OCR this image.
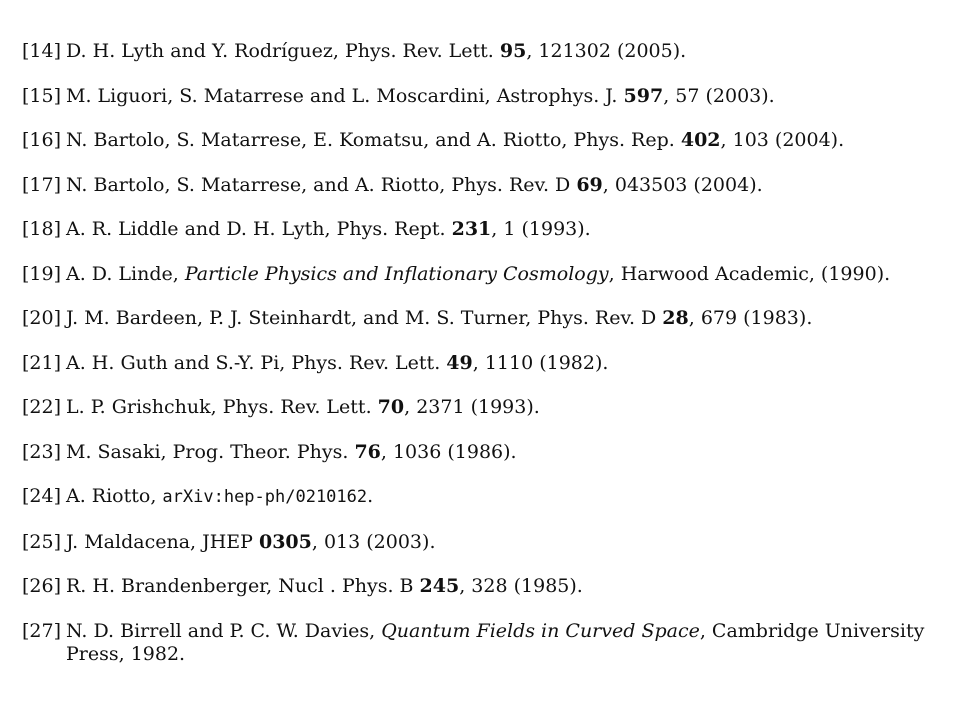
[14] D. H. Lyth and Y. Rodríguez, Phys. Rev. Lett. 95, 121302 (2005).
[15] M. Liguori, S. Matarrese and L. Moscardini, Astrophys. J. 597, 57 (2003).
[16] N. Bartolo, S. Matarrese, E. Komatsu, and A. Riotto, Phys. Rep. 402, 103 (2004).
[17] N. Bartolo, S. Matarrese, and A. Riotto, Phys. Rev. D 69, 043503 (2004).
[18] A. R. Liddle and D. H. Lyth, Phys. Rept. 231, 1 (1993).
[19] A. D. Linde, Particle Physics and Inflationary Cosmology, Harwood Academic, (1990).
[20] J. M. Bardeen, P. J. Steinhardt, and M. S. Turner, Phys. Rev. D 28, 679 (1983).
[21] A. H. Guth and S.-Y. Pi, Phys. Rev. Lett. 49, 1110 (1982).
[22] L. P. Grishchuk, Phys. Rev. Lett. 70, 2371 (1993).
[23] M. Sasaki, Prog. Theor. Phys. 76, 1036 (1986).
[24] A. Riotto, arXiv:hep-ph/0210162.
[25] J. Maldacena, JHEP 0305, 013 (2003).
[26] R. H. Brandenberger, Nucl . Phys. B 245, 328 (1985).
[27] N. D. Birrell and P. C. W. Davies, Quantum Fields in Curved Space, Cambridge University Press, 1982.
